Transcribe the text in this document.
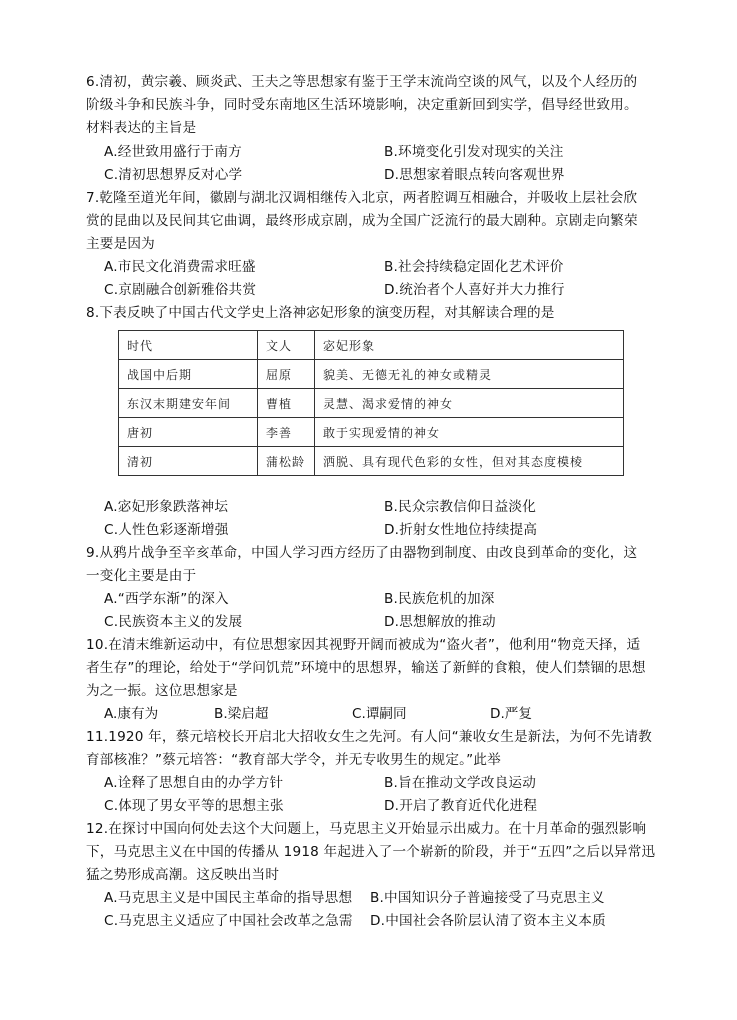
6.清初，黄宗羲、顾炎武、王夫之等思想家有鉴于王学末流尚空谈的风气，以及个人经历的
阶级斗争和民族斗争，同时受东南地区生活环境影响，决定重新回到实学，倡导经世致用。
材料表达的主旨是
A.经世致用盛行于南方	B.环境变化引发对现实的关注
C.清初思想界反对心学	D.思想家着眼点转向客观世界
7.乾隆至道光年间，徽剧与湖北汉调相继传入北京，两者腔调互相融合，并吸收上层社会欣
赏的昆曲以及民间其它曲调，最终形成京剧，成为全国广泛流行的最大剧种。京剧走向繁荣
主要是因为
A.市民文化消费需求旺盛	B.社会持续稳定固化艺术评价
C.京剧融合创新雅俗共赏	D.统治者个人喜好并大力推行
8.下表反映了中国古代文学史上洛神宓妃形象的演变历程，对其解读合理的是
时代	文人	宓妃形象
战国中后期	屈原	貌美、无德无礼的神女或精灵
东汉末期建安年间	曹植	灵慧、渴求爱情的神女
唐初	李善	敢于实现爱情的神女
清初	蒲松龄	洒脱、具有现代色彩的女性，但对其态度模棱
A.宓妃形象跌落神坛	B.民众宗教信仰日益淡化
C.人性色彩逐渐增强	D.折射女性地位持续提高
9.从鸦片战争至辛亥革命，中国人学习西方经历了由器物到制度、由改良到革命的变化，这
一变化主要是由于
A.“西学东渐”的深入	B.民族危机的加深
C.民族资本主义的发展	D.思想解放的推动
10.在清末维新运动中，有位思想家因其视野开阔而被成为“盗火者”，他利用“物竞天择，适
者生存”的理论，给处于“学问饥荒”环境中的思想界，输送了新鲜的食粮，使人们禁锢的思想
为之一振。这位思想家是
A.康有为	B.梁启超	C.谭嗣同	D.严复
11.1920 年，蔡元培校长开启北大招收女生之先河。有人问“兼收女生是新法，为何不先请教
育部核准？”蔡元培答：“教育部大学令，并无专收男生的规定。”此举
A.诠释了思想自由的办学方针	B.旨在推动文学改良运动
C.体现了男女平等的思想主张	D.开启了教育近代化进程
12.在探讨中国向何处去这个大问题上，马克思主义开始显示出威力。在十月革命的强烈影响
下，马克思主义在中国的传播从 1918 年起进入了一个崭新的阶段，并于“五四”之后以异常迅
猛之势形成高潮。这反映出当时
A.马克思主义是中国民主革命的指导思想 B.中国知识分子普遍接受了马克思主义
C.马克思主义适应了中国社会改革之急需 D.中国社会各阶层认清了资本主义本质
